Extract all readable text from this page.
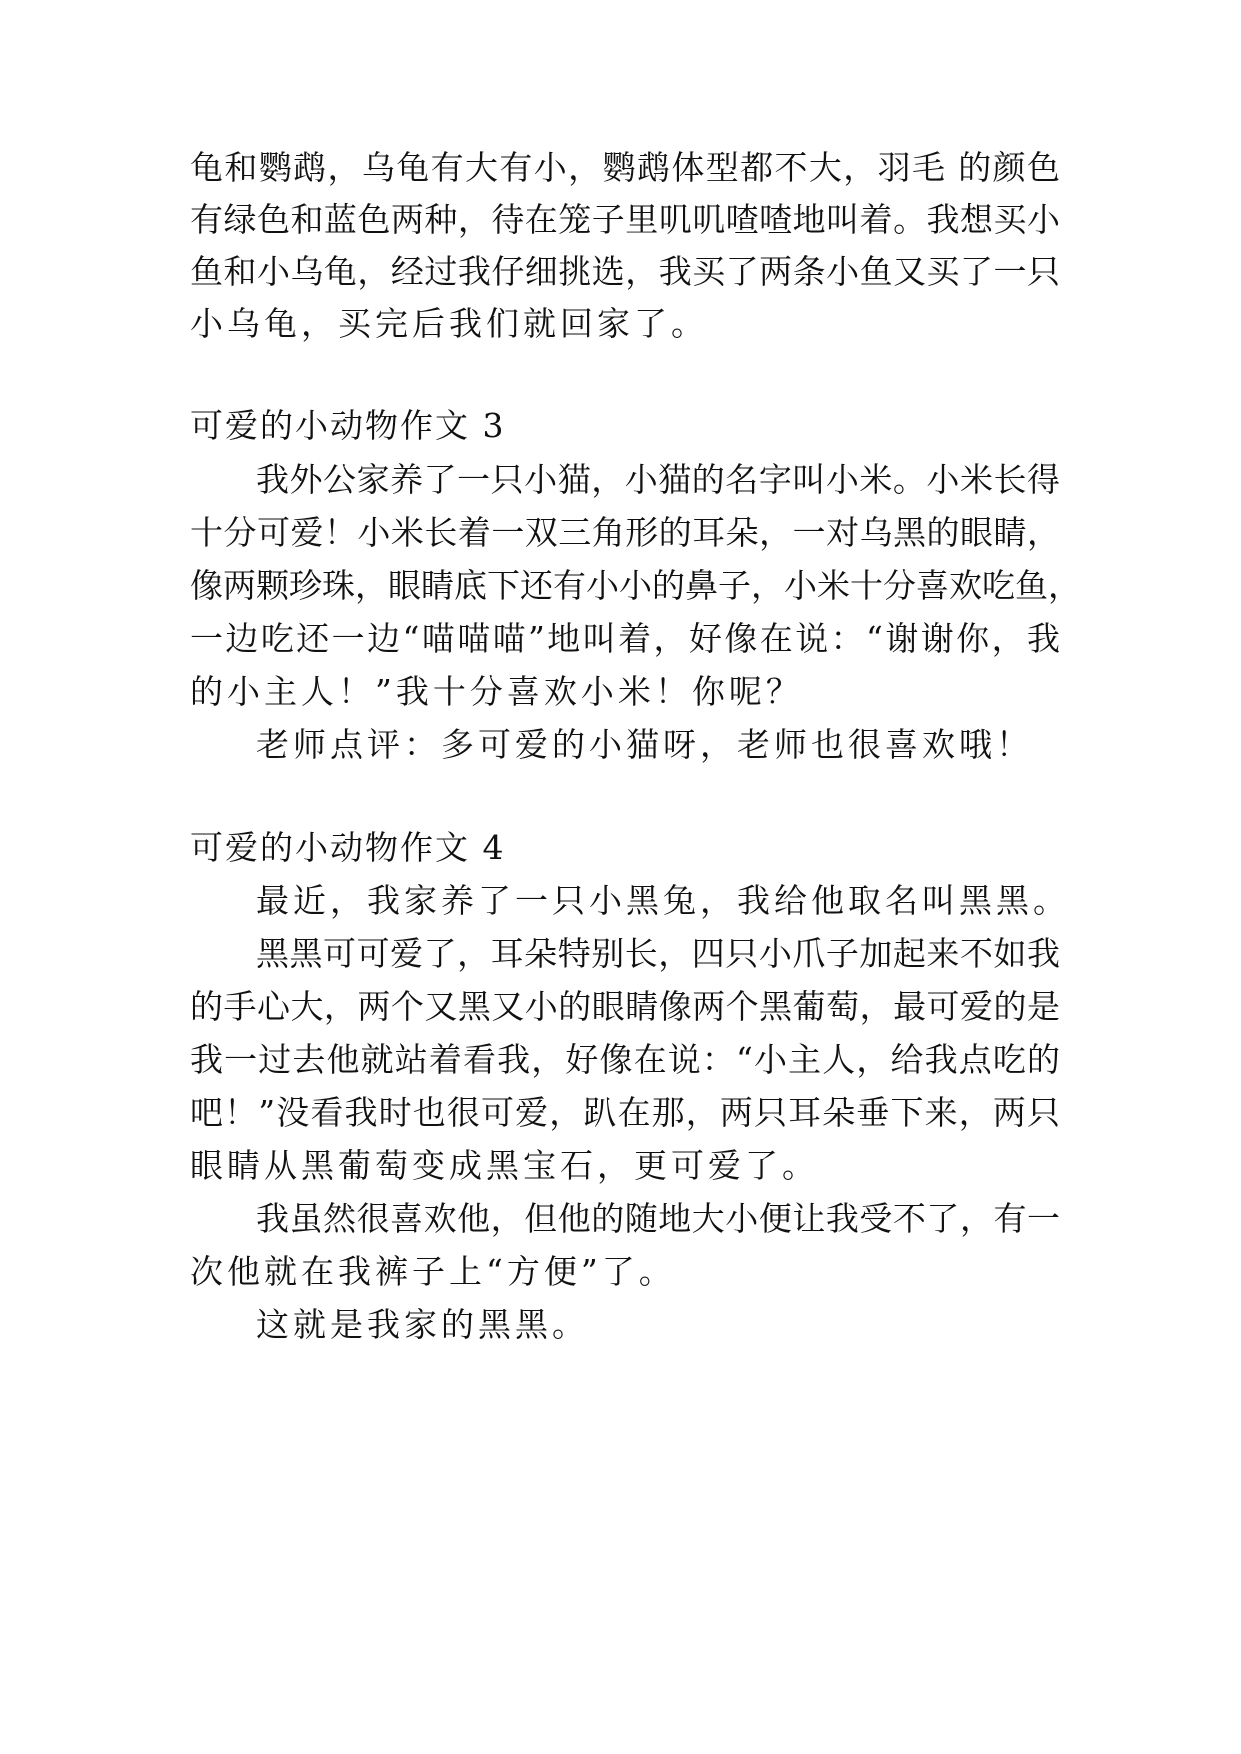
龟和鹦鹉，乌龟有大有小，鹦鹉体型都不大，羽毛 的颜色
有绿色和蓝色两种，待在笼子里叽叽喳喳地叫着。我想买小
鱼和小乌龟，经过我仔细挑选，我买了两条小鱼又买了一只
小乌龟，买完后我们就回家了。
可爱的小动物作文 3
我外公家养了一只小猫，小猫的名字叫小米。小米长得
十分可爱！小米长着一双三角形的耳朵，一对乌黑的眼睛，
像两颗珍珠，眼睛底下还有小小的鼻子，小米十分喜欢吃鱼，
一边吃还一边“喵喵喵”地叫着，好像在说：“谢谢你，我
的小主人！”我十分喜欢小米！你呢？
老师点评：多可爱的小猫呀，老师也很喜欢哦！
可爱的小动物作文 4
最近，我家养了一只小黑兔，我给他取名叫黑黑。
黑黑可可爱了，耳朵特别长，四只小爪子加起来不如我
的手心大，两个又黑又小的眼睛像两个黑葡萄，最可爱的是
我一过去他就站着看我，好像在说：“小主人，给我点吃的
吧！”没看我时也很可爱，趴在那，两只耳朵垂下来，两只
眼睛从黑葡萄变成黑宝石，更可爱了。
我虽然很喜欢他，但他的随地大小便让我受不了，有一
次他就在我裤子上“方便”了。
这就是我家的黑黑。
